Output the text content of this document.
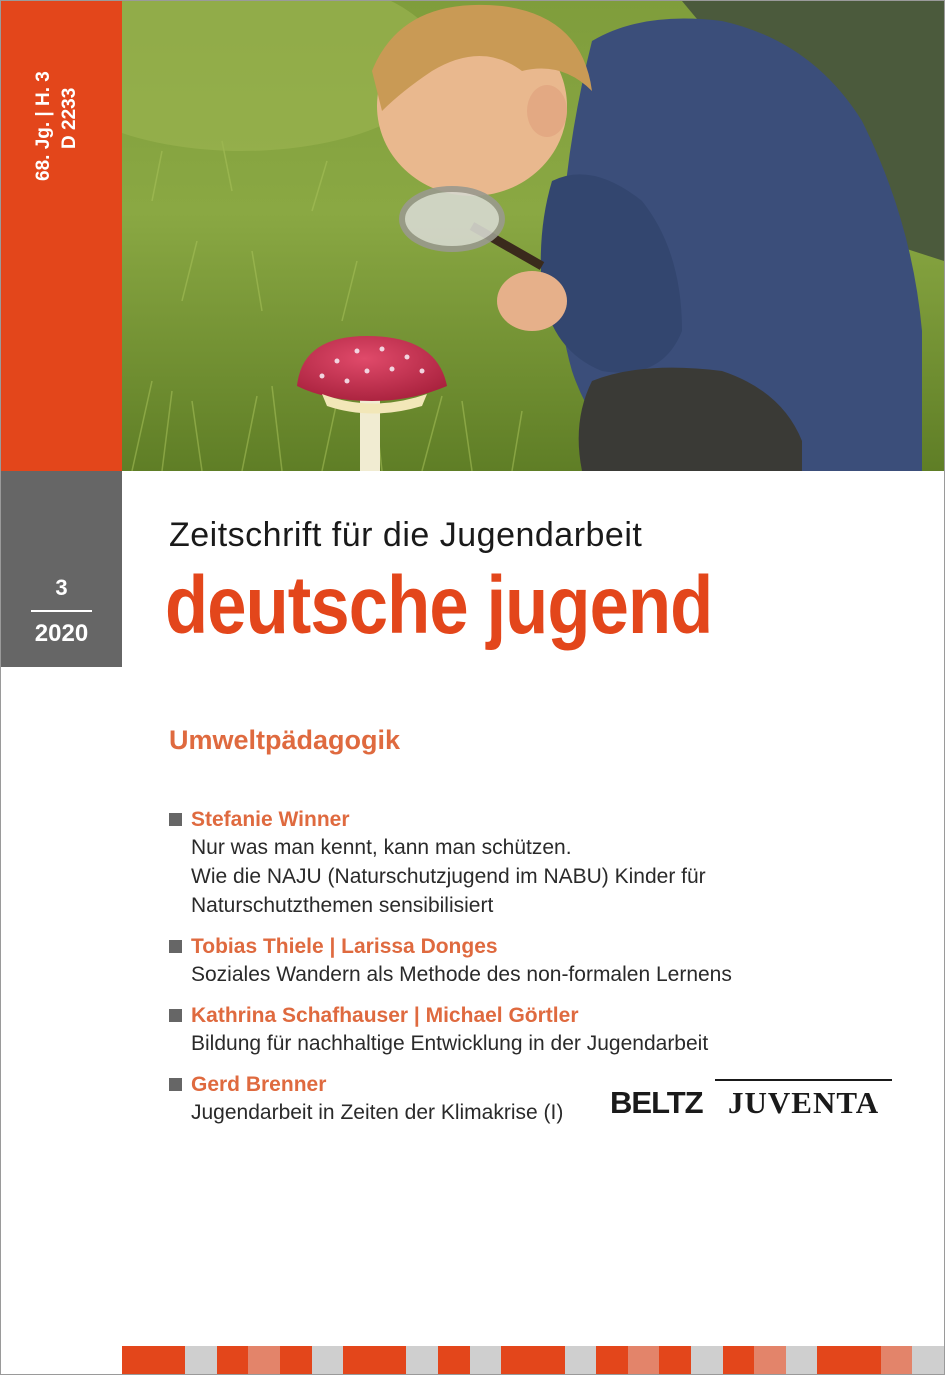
68. Jg. | H. 3 D 2233
3
2020
Zeitschrift für die Jugendarbeit
deutsche jugend
Umweltpädagogik
Stefanie Winner
Nur was man kennt, kann man schützen.
Wie die NAJU (Naturschutzjugend im NABU) Kinder für
Naturschutzthemen sensibilisiert
Tobias Thiele | Larissa Donges
Soziales Wandern als Methode des non-formalen Lernens
Kathrina Schafhauser | Michael Görtler
Bildung für nachhaltige Entwicklung in der Jugendarbeit
Gerd Brenner
Jugendarbeit in Zeiten der Klimakrise (I)	BELTZ JUVENTA
